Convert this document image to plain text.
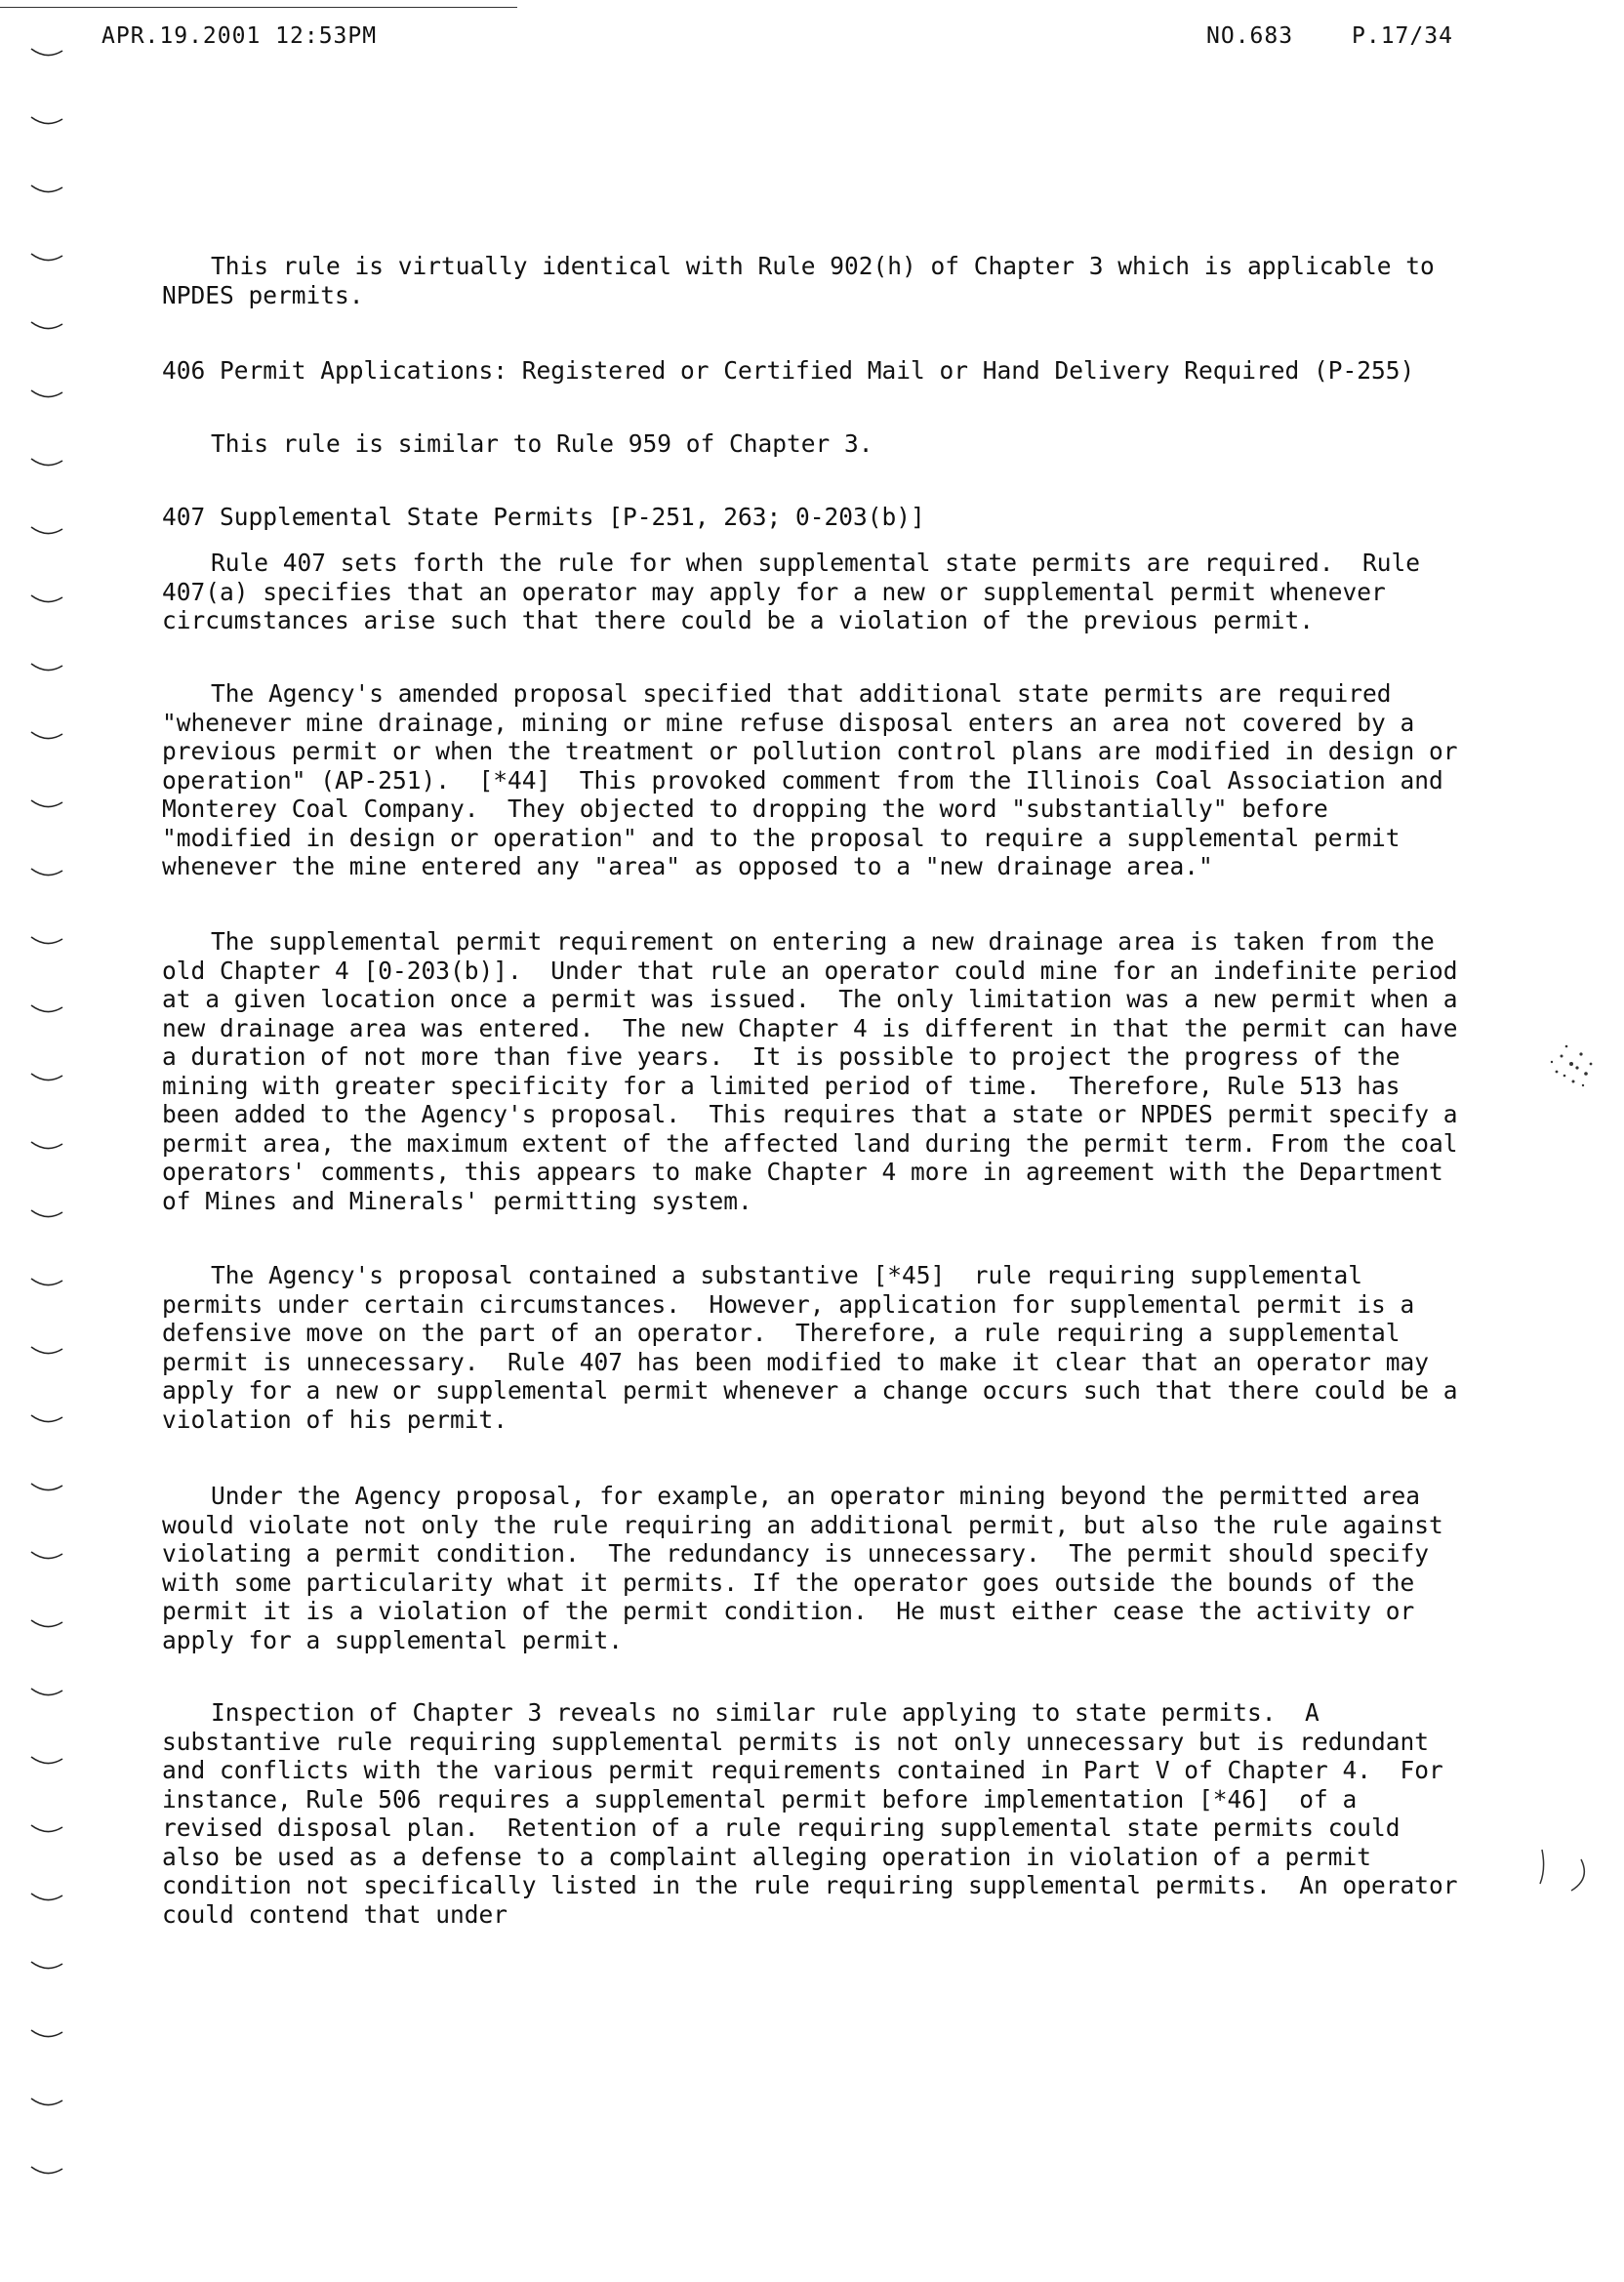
APR.19.2001 12:53PM	NO.683	P.17/34

This rule is virtually identical with Rule 902(h) of Chapter 3 which is applicable to NPDES permits.

406 Permit Applications: Registered or Certified Mail or Hand Delivery Required (P-255)

This rule is similar to Rule 959 of Chapter 3.

407 Supplemental State Permits [P-251, 263; 0-203(b)]

Rule 407 sets forth the rule for when supplemental state permits are required.  Rule 407(a) specifies that an operator may apply for a new or supplemental permit whenever circumstances arise such that there could be a violation of the previous permit.

The Agency's amended proposal specified that additional state permits are required "whenever mine drainage, mining or mine refuse disposal enters an area not covered by a previous permit or when the treatment or pollution control plans are modified in design or operation" (AP-251).  [*44]  This provoked comment from the Illinois Coal Association and Monterey Coal Company.  They objected to dropping the word "substantially" before "modified in design or operation" and to the proposal to require a supplemental permit whenever the mine entered any "area" as opposed to a "new drainage area."

The supplemental permit requirement on entering a new drainage area is taken from the old Chapter 4 [0-203(b)].  Under that rule an operator could mine for an indefinite period at a given location once a permit was issued.  The only limitation was a new permit when a new drainage area was entered.  The new Chapter 4 is different in that the permit can have a duration of not more than five years.  It is possible to project the progress of the mining with greater specificity for a limited period of time.  Therefore, Rule 513 has been added to the Agency's proposal.  This requires that a state or NPDES permit specify a permit area, the maximum extent of the affected land during the permit term. From the coal operators' comments, this appears to make Chapter 4 more in agreement with the Department of Mines and Minerals' permitting system.

The Agency's proposal contained a substantive [*45]  rule requiring supplemental permits under certain circumstances.  However, application for supplemental permit is a defensive move on the part of an operator.  Therefore, a rule requiring a supplemental permit is unnecessary.  Rule 407 has been modified to make it clear that an operator may apply for a new or supplemental permit whenever a change occurs such that there could be a violation of his permit.

Under the Agency proposal, for example, an operator mining beyond the permitted area would violate not only the rule requiring an additional permit, but also the rule against violating a permit condition.  The redundancy is unnecessary.  The permit should specify with some particularity what it permits. If the operator goes outside the bounds of the permit it is a violation of the permit condition.  He must either cease the activity or apply for a supplemental permit.

Inspection of Chapter 3 reveals no similar rule applying to state permits.  A substantive rule requiring supplemental permits is not only unnecessary but is redundant and conflicts with the various permit requirements contained in Part V of Chapter 4.  For instance, Rule 506 requires a supplemental permit before implementation [*46]  of a revised disposal plan.  Retention of a rule requiring supplemental state permits could also be used as a defense to a complaint alleging operation in violation of a permit condition not specifically listed in the rule requiring supplemental permits.  An operator could contend that under
